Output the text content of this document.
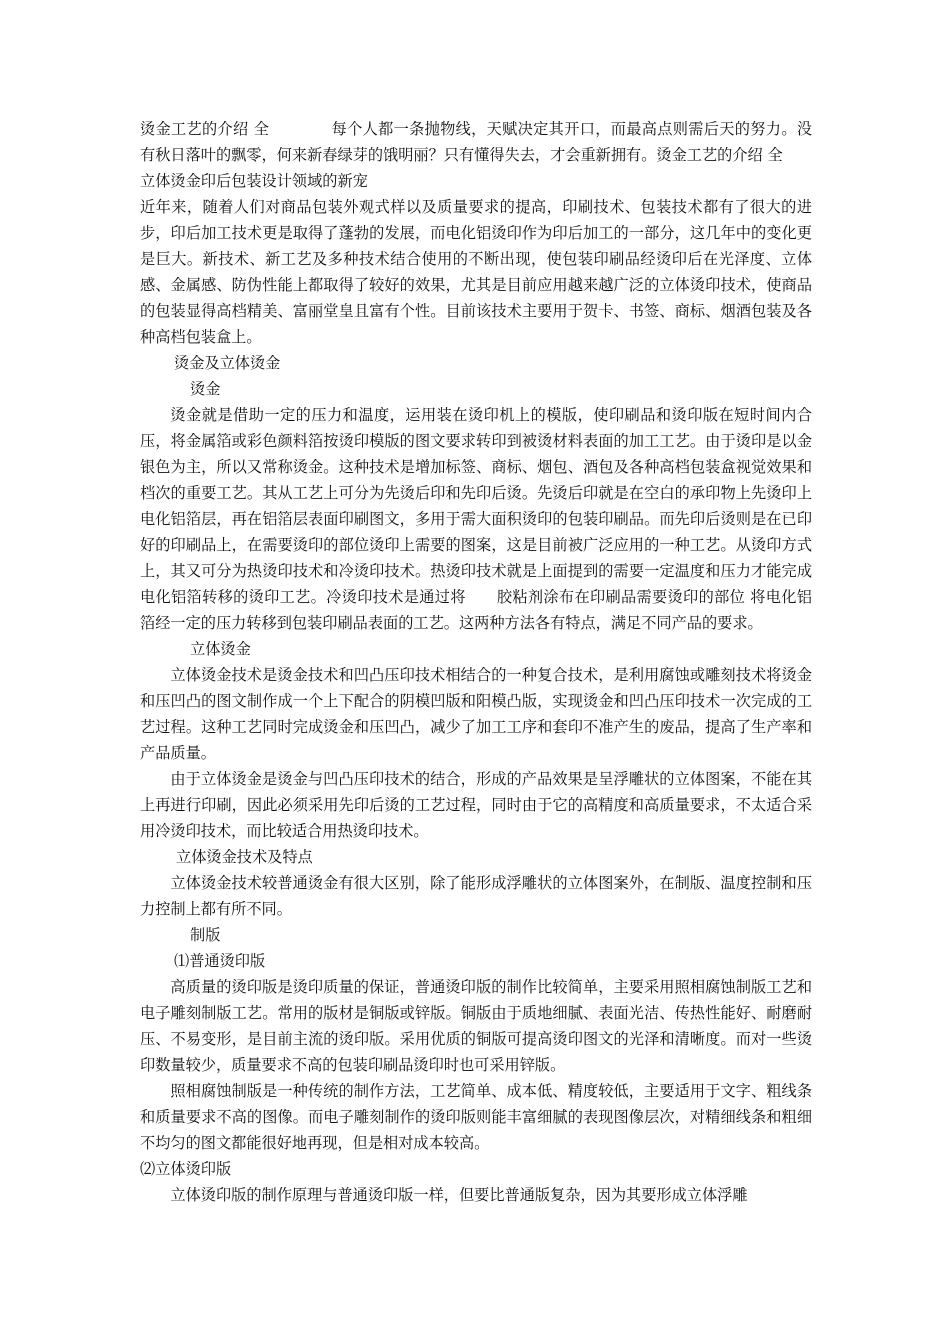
烫金工艺的介绍 全	每个人都一条抛物线，天赋决定其开口，而最高点则需后天的努力。没有秋日落叶的飘零，何来新春绿芽的饿明丽？只有懂得失去，才会重新拥有。烫金工艺的介绍 全

立体烫金印后包装设计领域的新宠

近年来，随着人们对商品包装外观式样以及质量要求的提高，印刷技术、包装技术都有了很大的进步，印后加工技术更是取得了蓬勃的发展，而电化铝烫印作为印后加工的一部分，这几年中的变化更是巨大。新技术、新工艺及多种技术结合使用的不断出现，使包装印刷品经烫印后在光泽度、立体感、金属感、防伪性能上都取得了较好的效果，尤其是目前应用越来越广泛的立体烫印技术，使商品的包装显得高档精美、富丽堂皇且富有个性。目前该技术主要用于贺卡、书签、商标、烟酒包装及各种高档包装盒上。

烫金及立体烫金

烫金

烫金就是借助一定的压力和温度，运用装在烫印机上的模版，使印刷品和烫印版在短时间内合压，将金属箔或彩色颜料箔按烫印模版的图文要求转印到被烫材料表面的加工工艺。由于烫印是以金银色为主，所以又常称烫金。这种技术是增加标签、商标、烟包、酒包及各种高档包装盒视觉效果和档次的重要工艺。其从工艺上可分为先烫后印和先印后烫。先烫后印就是在空白的承印物上先烫印上电化铝箔层，再在铝箔层表面印刷图文，多用于需大面积烫印的包装印刷品。而先印后烫则是在已印好的印刷品上，在需要烫印的部位烫印上需要的图案，这是目前被广泛应用的一种工艺。从烫印方式上，其又可分为热烫印技术和冷烫印技术。热烫印技术就是上面提到的需要一定温度和压力才能完成电化铝箔转移的烫印工艺。冷烫印技术是通过将　　胶粘剂涂布在印刷品需要烫印的部位 将电化铝箔经一定的压力转移到包装印刷品表面的工艺。这两种方法各有特点，满足不同产品的要求。

立体烫金

立体烫金技术是烫金技术和凹凸压印技术相结合的一种复合技术，是利用腐蚀或雕刻技术将烫金和压凹凸的图文制作成一个上下配合的阴模凹版和阳模凸版，实现烫金和凹凸压印技术一次完成的工艺过程。这种工艺同时完成烫金和压凹凸，减少了加工工序和套印不准产生的废品，提高了生产率和产品质量。

由于立体烫金是烫金与凹凸压印技术的结合，形成的产品效果是呈浮雕状的立体图案，不能在其上再进行印刷，因此必须采用先印后烫的工艺过程，同时由于它的高精度和高质量要求，不太适合采用冷烫印技术，而比较适合用热烫印技术。

立体烫金技术及特点

立体烫金技术较普通烫金有很大区别，除了能形成浮雕状的立体图案外，在制版、温度控制和压力控制上都有所不同。

制版

⑴普通烫印版

高质量的烫印版是烫印质量的保证，普通烫印版的制作比较简单，主要采用照相腐蚀制版工艺和电子雕刻制版工艺。常用的版材是铜版或锌版。铜版由于质地细腻、表面光洁、传热性能好、耐磨耐压、不易变形，是目前主流的烫印版。采用优质的铜版可提高烫印图文的光泽和清晰度。而对一些烫印数量较少，质量要求不高的包装印刷品烫印时也可采用锌版。

照相腐蚀制版是一种传统的制作方法，工艺简单、成本低、精度较低，主要适用于文字、粗线条和质量要求不高的图像。而电子雕刻制作的烫印版则能丰富细腻的表现图像层次，对精细线条和粗细不均匀的图文都能很好地再现，但是相对成本较高。

⑵立体烫印版

立体烫印版的制作原理与普通烫印版一样，但要比普通版复杂，因为其要形成立体浮雕
